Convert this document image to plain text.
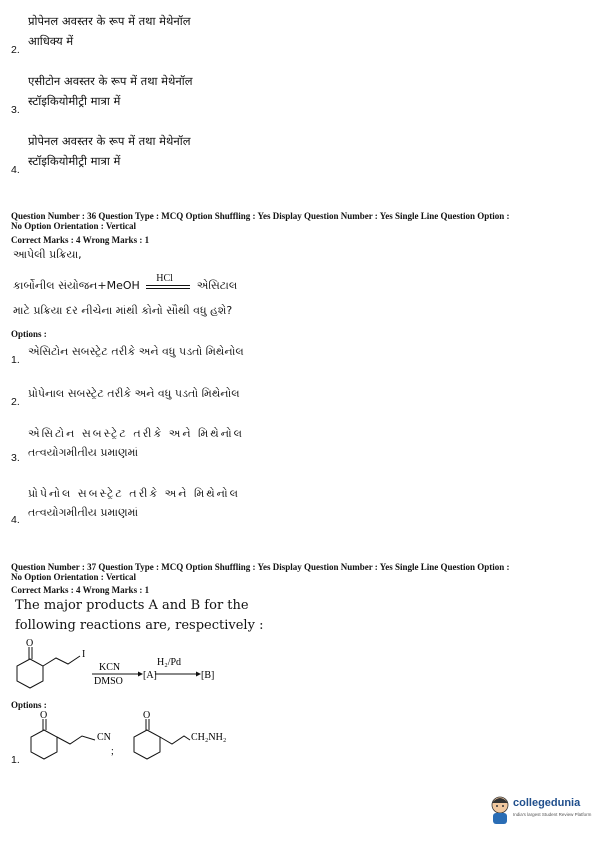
प्रोपेनल अवस्तर के रूप में तथा मेथेनॉल
आधिक्य में
2.
एसीटोन अवस्तर के रूप में तथा मेथेनॉल
स्टॉइकियोमीट्री मात्रा में
3.
प्रोपेनल अवस्तर के रूप में तथा मेथेनॉल
स्टॉइकियोमीट्री मात्रा में
4.
Question Number : 36 Question Type : MCQ Option Shuffling : Yes Display Question Number : Yes Single Line Question Option :
No Option Orientation : Vertical
Correct Marks : 4 Wrong Marks : 1
આપેલી પ્રક્રિયા,
કાર્બોનીલ સંયોજન+MeOH
HCl
એસિટાલ
માટે પ્રક્રિયા દર નીચેના માંથી કોનો સૌથી વધુ હશે?
Options :
એસિટોન સબસ્ટ્રેટ તરીકે અને વધુ પડતો મિથેનોલ
1.
પ્રોપેનાલ સબસ્ટ્રેટ તરીકે અને વધુ પડતો મિથેનોલ
2.
એસિટોન સબસ્ટ્રેટ તરીકે અને મિથેનોલ
તત્વયોગમીતીય પ્રમાણમાં
3.
પ્રોપેનોલ સબસ્ટ્રેટ તરીકે અને મિથેનોલ
તત્વયોગમીતીય પ્રમાણમાં
4.
Question Number : 37 Question Type : MCQ Option Shuffling : Yes Display Question Number : Yes Single Line Question Option :
No Option Orientation : Vertical
Correct Marks : 4 Wrong Marks : 1
The major products A and B for the
following reactions are, respectively :
O
I
KCN
DMSO
[A]
H₂/Pd
[B]
Options :
O
CN
;
O
CH₂NH₂
1.
collegedunia
India's largest Student Review Platform
